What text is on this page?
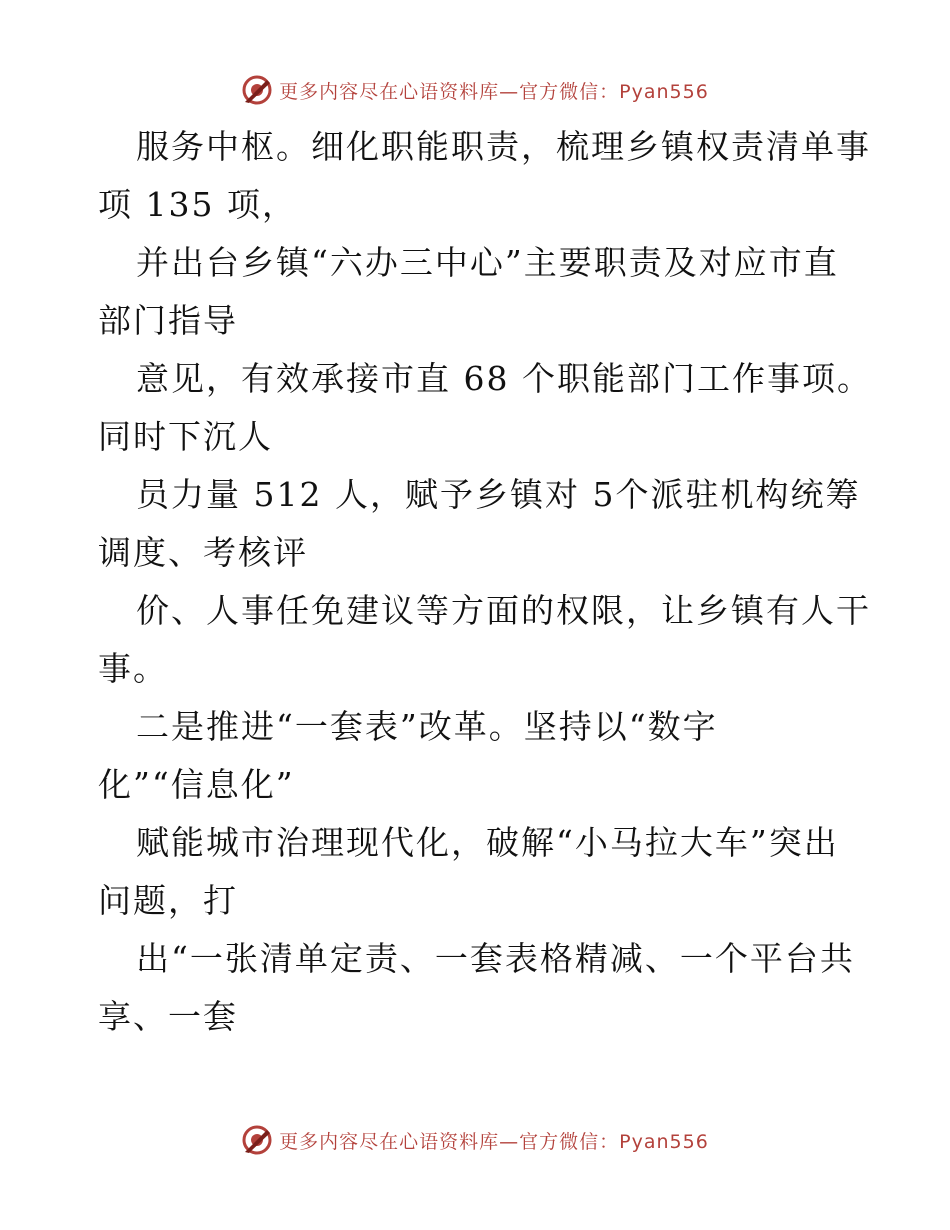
更多内容尽在心语资料库—官方微信：Pyan556
服务中枢。细化职能职责，梳理乡镇权责清单事
项 135 项，
并出台乡镇“六办三中心”主要职责及对应市直
部门指导
意见，有效承接市直 68 个职能部门工作事项。
同时下沉人
员力量 512 人，赋予乡镇对 5个派驻机构统筹
调度、考核评
价、人事任免建议等方面的权限，让乡镇有人干
事。
二是推进“一套表”改革。坚持以“数字
化”“信息化”
赋能城市治理现代化，破解“小马拉大车”突出
问题，打
出“一张清单定责、一套表格精减、一个平台共
享、一套
更多内容尽在心语资料库—官方微信：Pyan556
